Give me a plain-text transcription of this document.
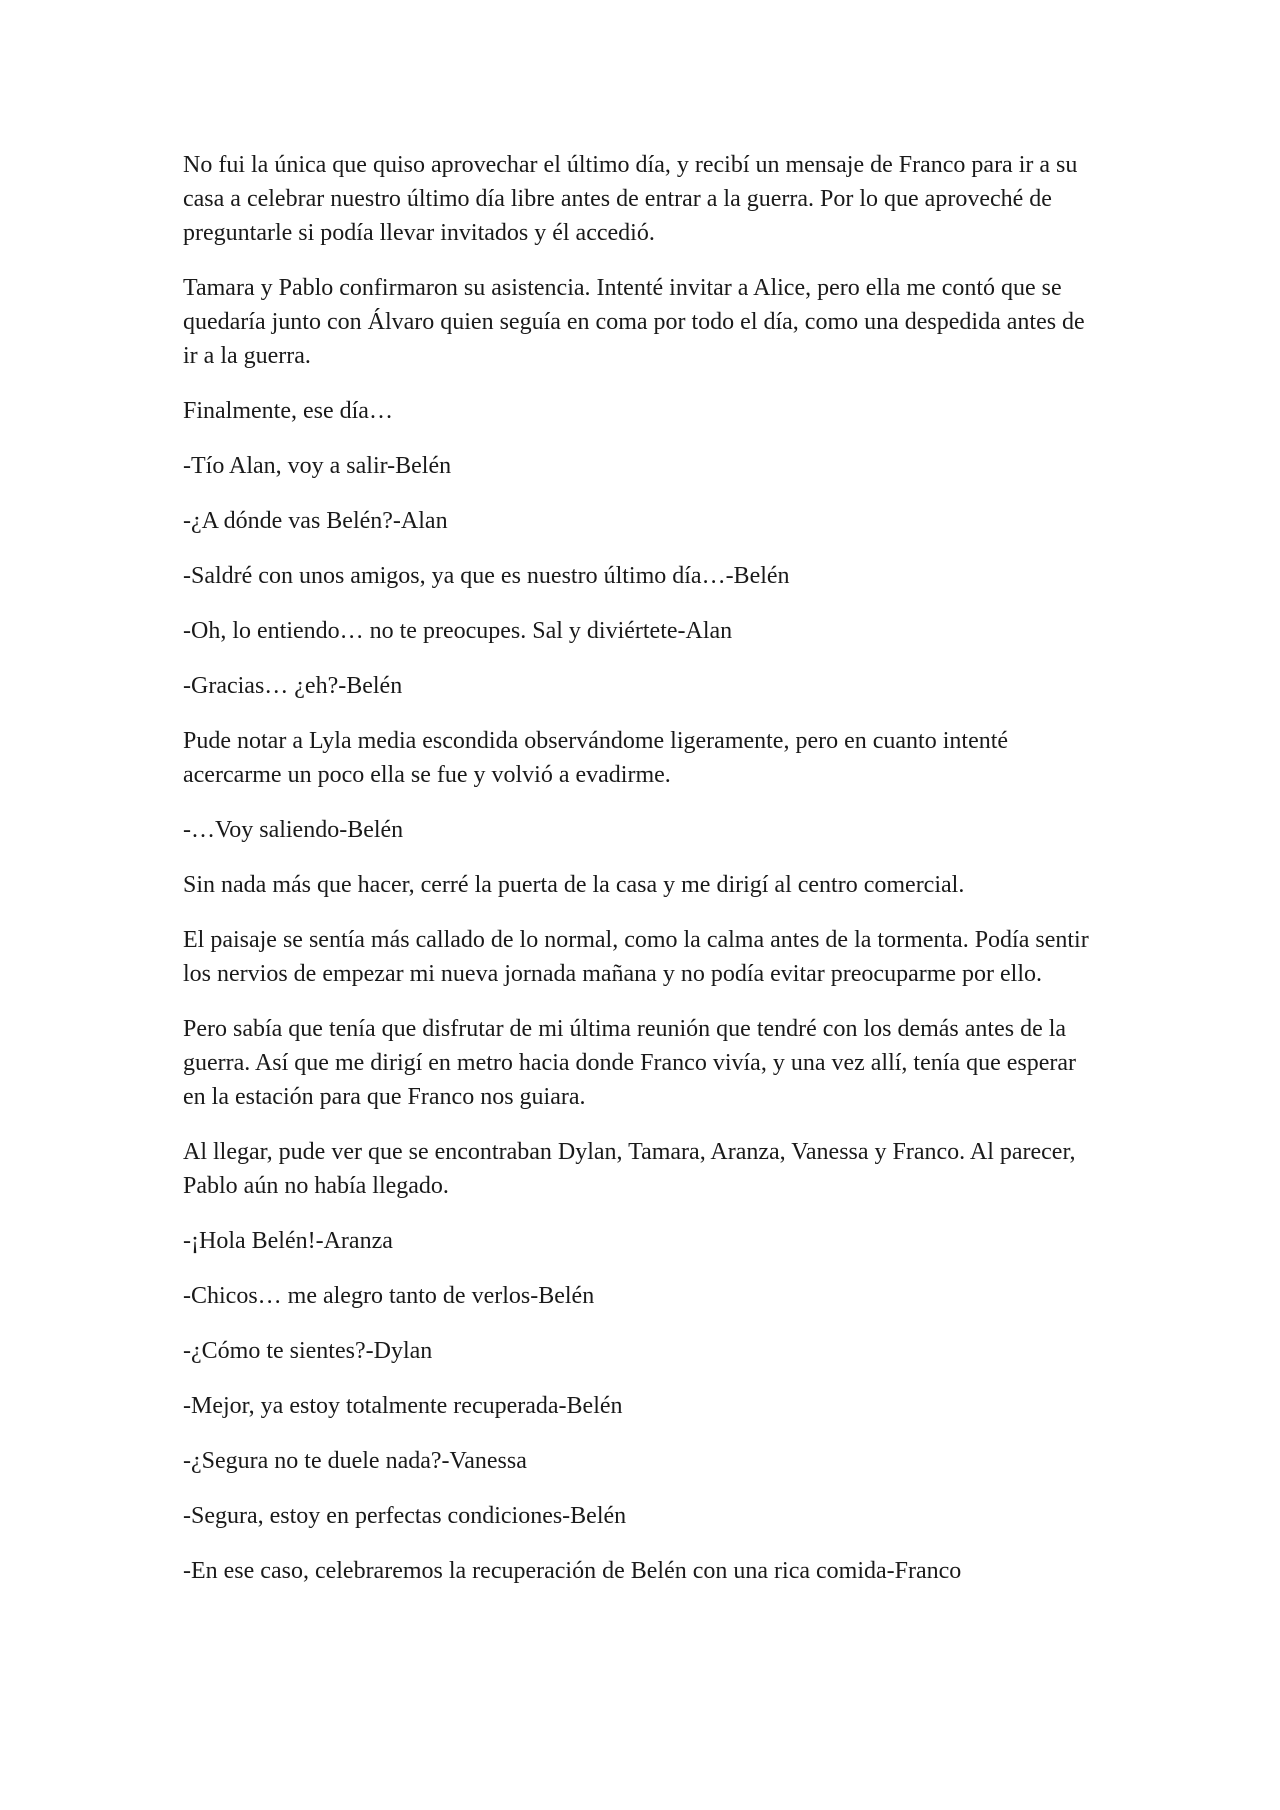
No fui la única que quiso aprovechar el último día, y recibí un mensaje de Franco para ir a su casa a celebrar nuestro último día libre antes de entrar a la guerra. Por lo que aproveché de preguntarle si podía llevar invitados y él accedió.

Tamara y Pablo confirmaron su asistencia. Intenté invitar a Alice, pero ella me contó que se quedaría junto con Álvaro quien seguía en coma por todo el día, como una despedida antes de ir a la guerra.

Finalmente, ese día…

-Tío Alan, voy a salir-Belén

-¿A dónde vas Belén?-Alan

-Saldré con unos amigos, ya que es nuestro último día…-Belén

-Oh, lo entiendo… no te preocupes. Sal y diviértete-Alan

-Gracias… ¿eh?-Belén

Pude notar a Lyla media escondida observándome ligeramente, pero en cuanto intenté acercarme un poco ella se fue y volvió a evadirme.

-…Voy saliendo-Belén

Sin nada más que hacer, cerré la puerta de la casa y me dirigí al centro comercial.

El paisaje se sentía más callado de lo normal, como la calma antes de la tormenta. Podía sentir los nervios de empezar mi nueva jornada mañana y no podía evitar preocuparme por ello.

Pero sabía que tenía que disfrutar de mi última reunión que tendré con los demás antes de la guerra. Así que me dirigí en metro hacia donde Franco vivía, y una vez allí, tenía que esperar en la estación para que Franco nos guiara.

Al llegar, pude ver que se encontraban Dylan, Tamara, Aranza, Vanessa y Franco. Al parecer, Pablo aún no había llegado.

-¡Hola Belén!-Aranza

-Chicos… me alegro tanto de verlos-Belén

-¿Cómo te sientes?-Dylan

-Mejor, ya estoy totalmente recuperada-Belén

-¿Segura no te duele nada?-Vanessa

-Segura, estoy en perfectas condiciones-Belén

-En ese caso, celebraremos la recuperación de Belén con una rica comida-Franco
